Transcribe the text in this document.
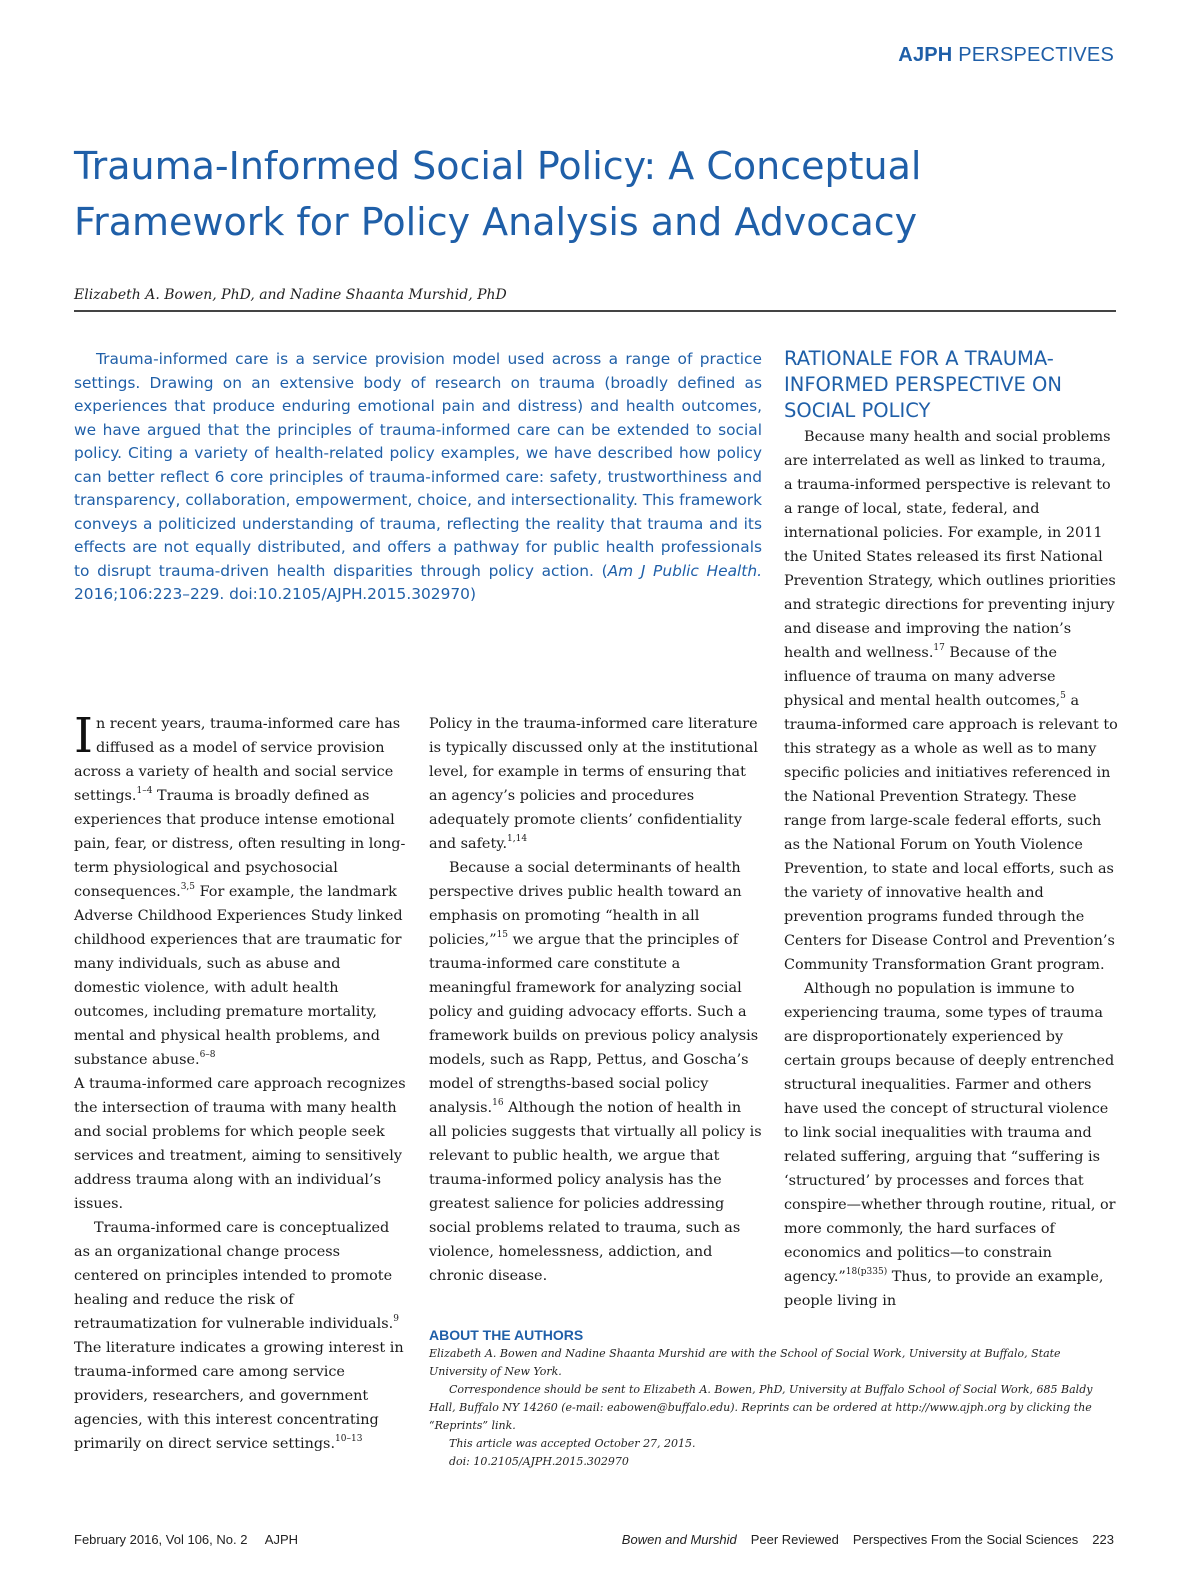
AJPH PERSPECTIVES
Trauma-Informed Social Policy: A Conceptual Framework for Policy Analysis and Advocacy
Elizabeth A. Bowen, PhD, and Nadine Shaanta Murshid, PhD

Trauma-informed care is a service provision model used across a range of practice settings. Drawing on an extensive body of research on trauma (broadly defined as experiences that produce enduring emotional pain and distress) and health outcomes, we have argued that the principles of trauma-informed care can be extended to social policy. Citing a variety of health-related policy examples, we have described how policy can better reflect 6 core principles of trauma-informed care: safety, trustworthiness and transparency, collaboration, empowerment, choice, and intersectionality. This framework conveys a politicized understanding of trauma, reflecting the reality that trauma and its effects are not equally distributed, and offers a pathway for public health professionals to disrupt trauma-driven health disparities through policy action. (Am J Public Health. 2016;106:223–229. doi:10.2105/AJPH.2015.302970)

In recent years, trauma-informed care has diffused as a model of service provision across a variety of health and social service settings.$^{1-4}$ Trauma is broadly defined as experiences that produce intense emotional pain, fear, or distress, often resulting in long-term physiological and psychosocial consequences.$^{3,5}$ For example, the landmark Adverse Childhood Experiences Study linked childhood experiences that are traumatic for many individuals, such as abuse and domestic violence, with adult health outcomes, including premature mortality, mental and physical health problems, and substance abuse.$^{6-8}$

A trauma-informed care approach recognizes the intersection of trauma with many health and social problems for which people seek services and treatment, aiming to sensitively address trauma along with an individual’s issues.

Trauma-informed care is conceptualized as an organizational change process centered on principles intended to promote healing and reduce the risk of retraumatization for vulnerable individuals.$^9$ The literature indicates a growing interest in trauma-informed care among service providers, researchers, and government agencies, with this interest concentrating primarily on direct service settings.$^{10-13}$

Policy in the trauma-informed care literature is typically discussed only at the institutional level, for example in terms of ensuring that an agency’s policies and procedures adequately promote clients’ confidentiality and safety.$^{1,14}$

Because a social determinants of health perspective drives public health toward an emphasis on promoting “health in all policies,”$^{15}$ we argue that the principles of trauma-informed care constitute a meaningful framework for analyzing social policy and guiding advocacy efforts. Such a framework builds on previous policy analysis models, such as Rapp, Pettus, and Goscha’s model of strengths-based social policy analysis.$^{16}$ Although the notion of health in all policies suggests that virtually all policy is relevant to public health, we argue that trauma-informed policy analysis has the greatest salience for policies addressing social problems related to trauma, such as violence, homelessness, addiction, and chronic disease.

RATIONALE FOR A TRAUMA-INFORMED PERSPECTIVE ON SOCIAL POLICY

Because many health and social problems are interrelated as well as linked to trauma, a trauma-informed perspective is relevant to a range of local, state, federal, and international policies. For example, in 2011 the United States released its first National Prevention Strategy, which outlines priorities and strategic directions for preventing injury and disease and improving the nation’s health and wellness.$^{17}$ Because of the influence of trauma on many adverse physical and mental health outcomes,$^5$ a trauma-informed care approach is relevant to this strategy as a whole as well as to many specific policies and initiatives referenced in the National Prevention Strategy. These range from large-scale federal efforts, such as the National Forum on Youth Violence Prevention, to state and local efforts, such as the variety of innovative health and prevention programs funded through the Centers for Disease Control and Prevention’s Community Transformation Grant program.

Although no population is immune to experiencing trauma, some types of trauma are disproportionately experienced by certain groups because of deeply entrenched structural inequalities. Farmer and others have used the concept of structural violence to link social inequalities with trauma and related suffering, arguing that “suffering is ‘structured’ by processes and forces that conspire—whether through routine, ritual, or more commonly, the hard surfaces of economics and politics—to constrain agency.”$^{18(p335)}$ Thus, to provide an example, people living in

ABOUT THE AUTHORS

Elizabeth A. Bowen and Nadine Shaanta Murshid are with the School of Social Work, University at Buffalo, State University of New York.

Correspondence should be sent to Elizabeth A. Bowen, PhD, University at Buffalo School of Social Work, 685 Baldy Hall, Buffalo NY 14260 (e-mail: eabowen@buffalo.edu). Reprints can be ordered at http://www.ajph.org by clicking the “Reprints” link.

This article was accepted October 27, 2015.

doi: 10.2105/AJPH.2015.302970

February 2016, Vol 106, No. 2     AJPH	Bowen and Murshid Peer Reviewed Perspectives From the Social Sciences 223
